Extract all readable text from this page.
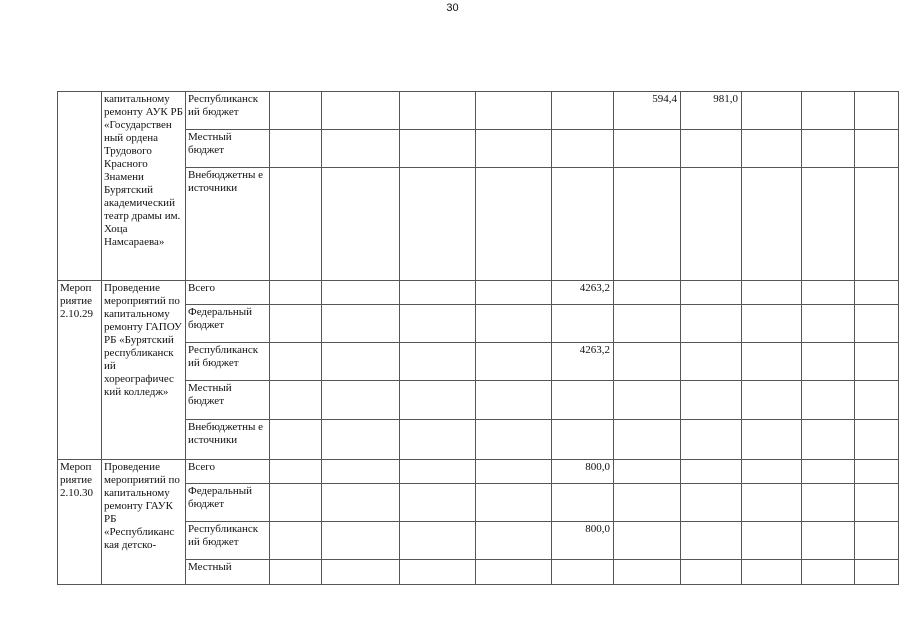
30
	капитальному ремонту АУК РБ «Государствен ный ордена Трудового Красного Знамени Бурятский академический театр драмы им. Хоца Намсараева»	Республиканск ий бюджет						594,4	981,0				
		Местный бюджет											
		Внебюджетны е источники											
Мероп риятие 2.10.29	Проведение мероприятий по капитальному ремонту ГАПОУ РБ «Бурятский республиканск ий хореографичес кий колледж»	Всего					4263,2						
		Федеральный бюджет											
		Республиканск ий бюджет					4263,2						
		Местный бюджет											
		Внебюджетны е источники											
Мероп риятие 2.10.30	Проведение мероприятий по капитальному ремонту ГАУК РБ «Республиканс кая детско-	Всего					800,0						
		Федеральный бюджет											
		Республиканск ий бюджет					800,0						
		Местный											
